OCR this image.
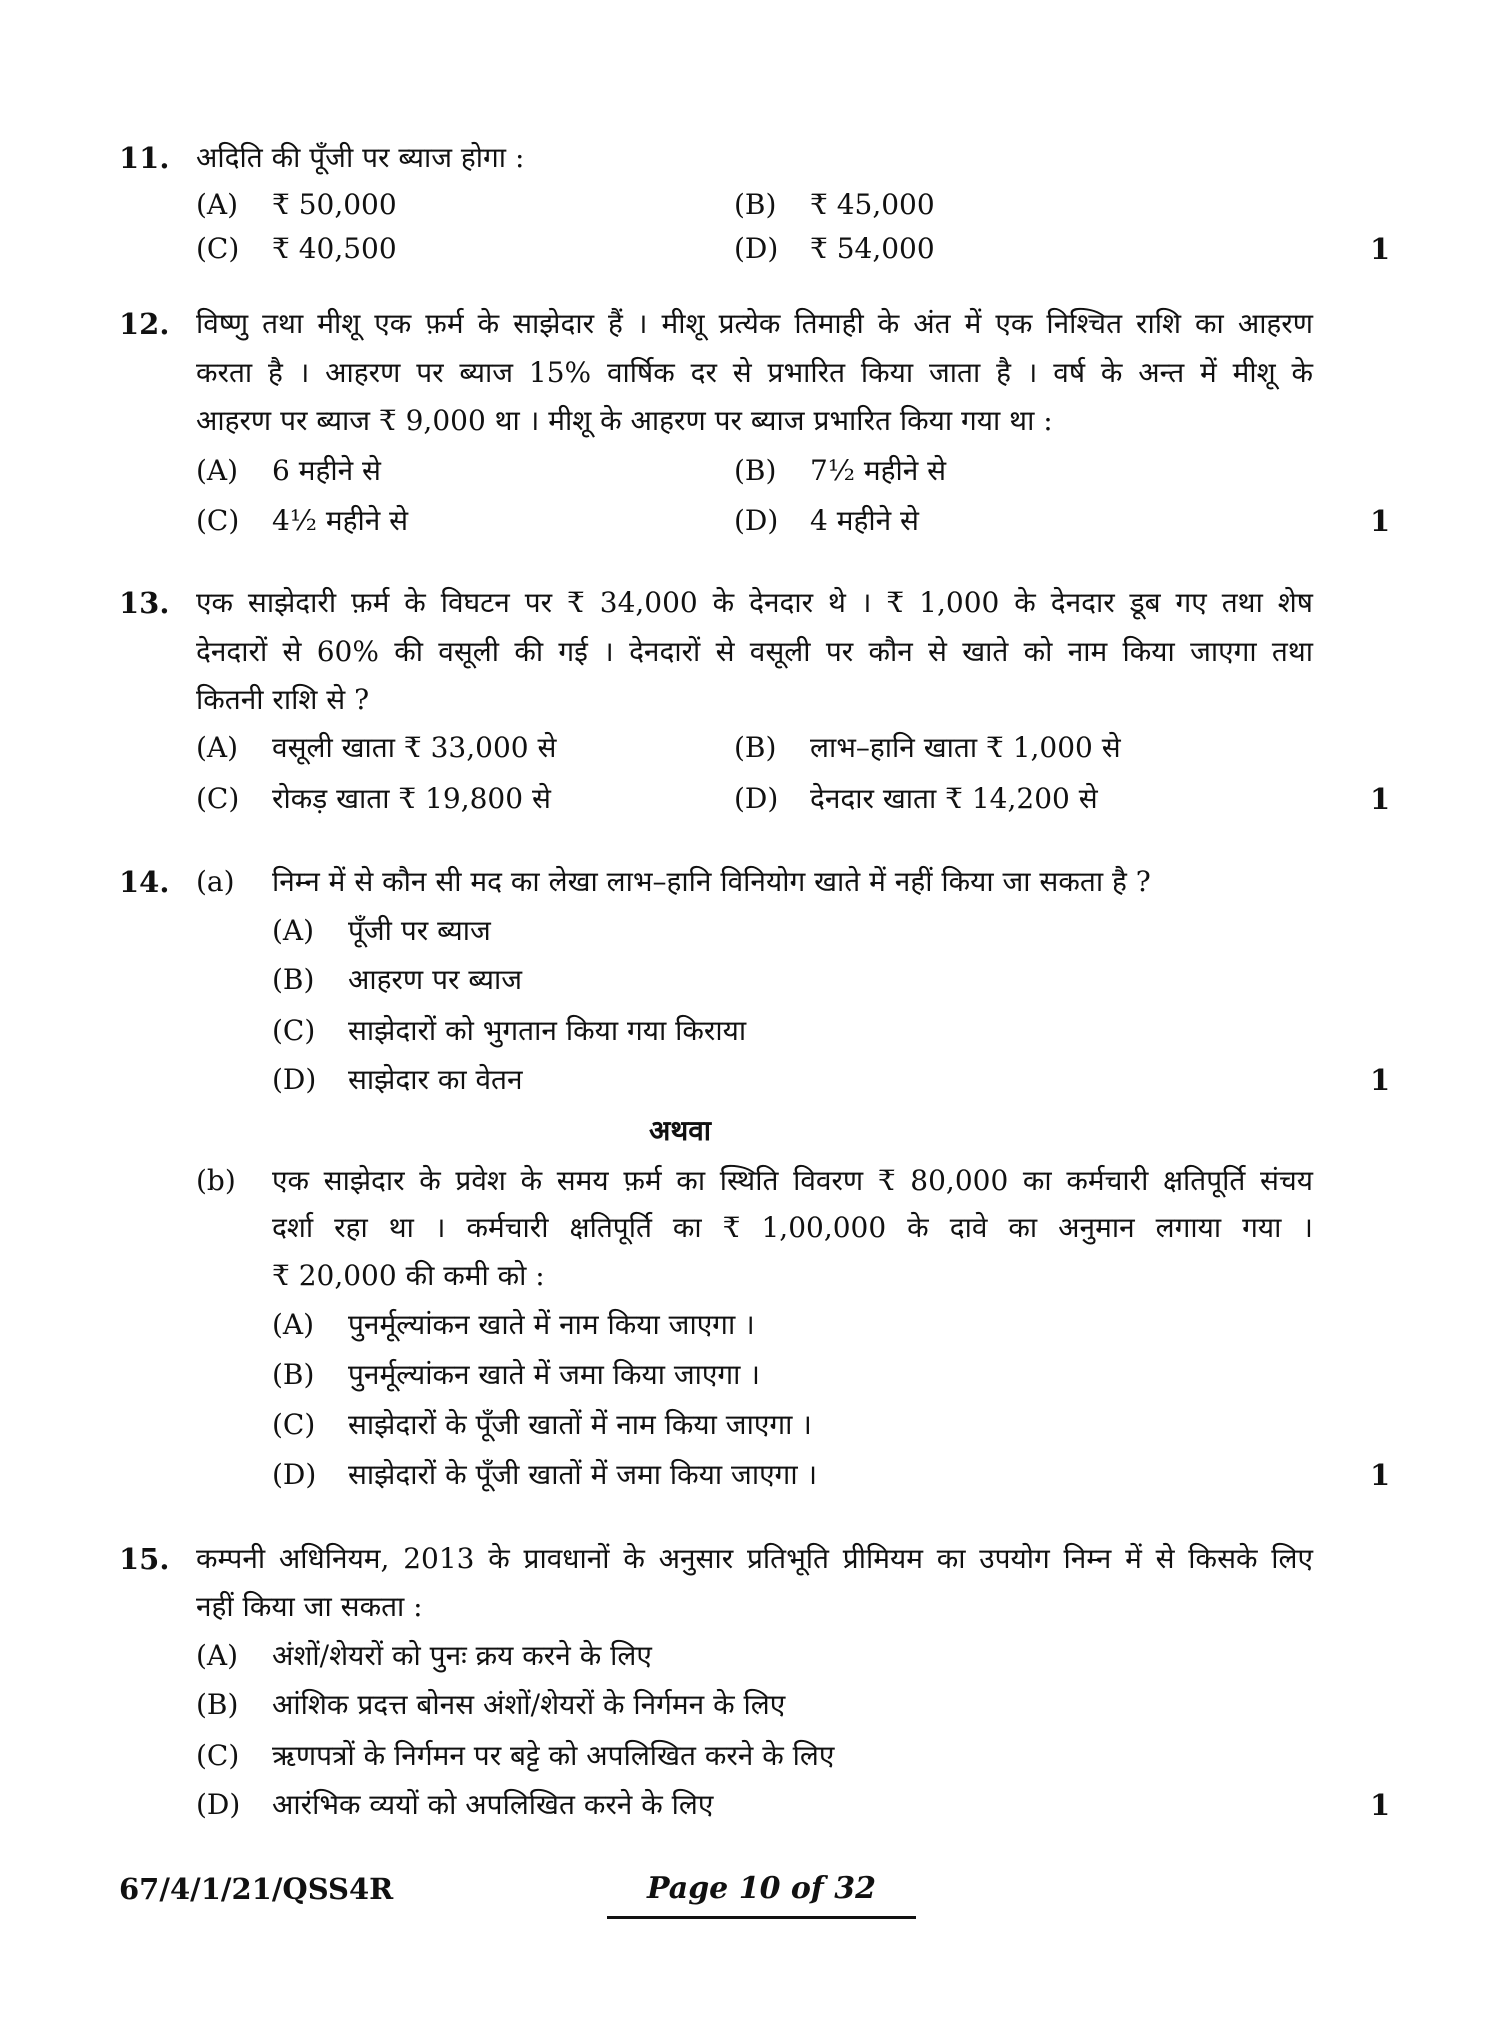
11. अदिति की पूँजी पर ब्याज होगा :
(A) ₹ 50,000	(B) ₹ 45,000
(C) ₹ 40,500	(D) ₹ 54,000	1
12. विष्णु तथा मीशू एक फ़र्म के साझेदार हैं । मीशू प्रत्येक तिमाही के अंत में एक निश्चित राशि का आहरण
करता है । आहरण पर ब्याज 15% वार्षिक दर से प्रभारित किया जाता है । वर्ष के अन्त में मीशू के
आहरण पर ब्याज ₹ 9,000 था । मीशू के आहरण पर ब्याज प्रभारित किया गया था :
(A) 6 महीने से	(B) 7½ महीने से
(C) 4½ महीने से	(D) 4 महीने से	1
13. एक साझेदारी फ़र्म के विघटन पर ₹ 34,000 के देनदार थे । ₹ 1,000 के देनदार डूब गए तथा शेष
देनदारों से 60% की वसूली की गई । देनदारों से वसूली पर कौन से खाते को नाम किया जाएगा तथा
कितनी राशि से ?
(A) वसूली खाता ₹ 33,000 से	(B) लाभ–हानि खाता ₹ 1,000 से
(C) रोकड़ खाता ₹ 19,800 से	(D) देनदार खाता ₹ 14,200 से	1
14. (a) निम्न में से कौन सी मद का लेखा लाभ–हानि विनियोग खाते में नहीं किया जा सकता है ?
(A) पूँजी पर ब्याज
(B) आहरण पर ब्याज
(C) साझेदारों को भुगतान किया गया किराया
(D) साझेदार का वेतन	1
अथवा
(b) एक साझेदार के प्रवेश के समय फ़र्म का स्थिति विवरण ₹ 80,000 का कर्मचारी क्षतिपूर्ति संचय
दर्शा रहा था । कर्मचारी क्षतिपूर्ति का ₹ 1,00,000 के दावे का अनुमान लगाया गया ।
₹ 20,000 की कमी को :
(A) पुनर्मूल्यांकन खाते में नाम किया जाएगा ।
(B) पुनर्मूल्यांकन खाते में जमा किया जाएगा ।
(C) साझेदारों के पूँजी खातों में नाम किया जाएगा ।
(D) साझेदारों के पूँजी खातों में जमा किया जाएगा ।	1
15. कम्पनी अधिनियम, 2013 के प्रावधानों के अनुसार प्रतिभूति प्रीमियम का उपयोग निम्न में से किसके लिए
नहीं किया जा सकता :
(A) अंशों/शेयरों को पुनः क्रय करने के लिए
(B) आंशिक प्रदत्त बोनस अंशों/शेयरों के निर्गमन के लिए
(C) ऋणपत्रों के निर्गमन पर बट्टे को अपलिखित करने के लिए
(D) आरंभिक व्ययों को अपलिखित करने के लिए	1
67/4/1/21/QSS4R	Page 10 of 32
